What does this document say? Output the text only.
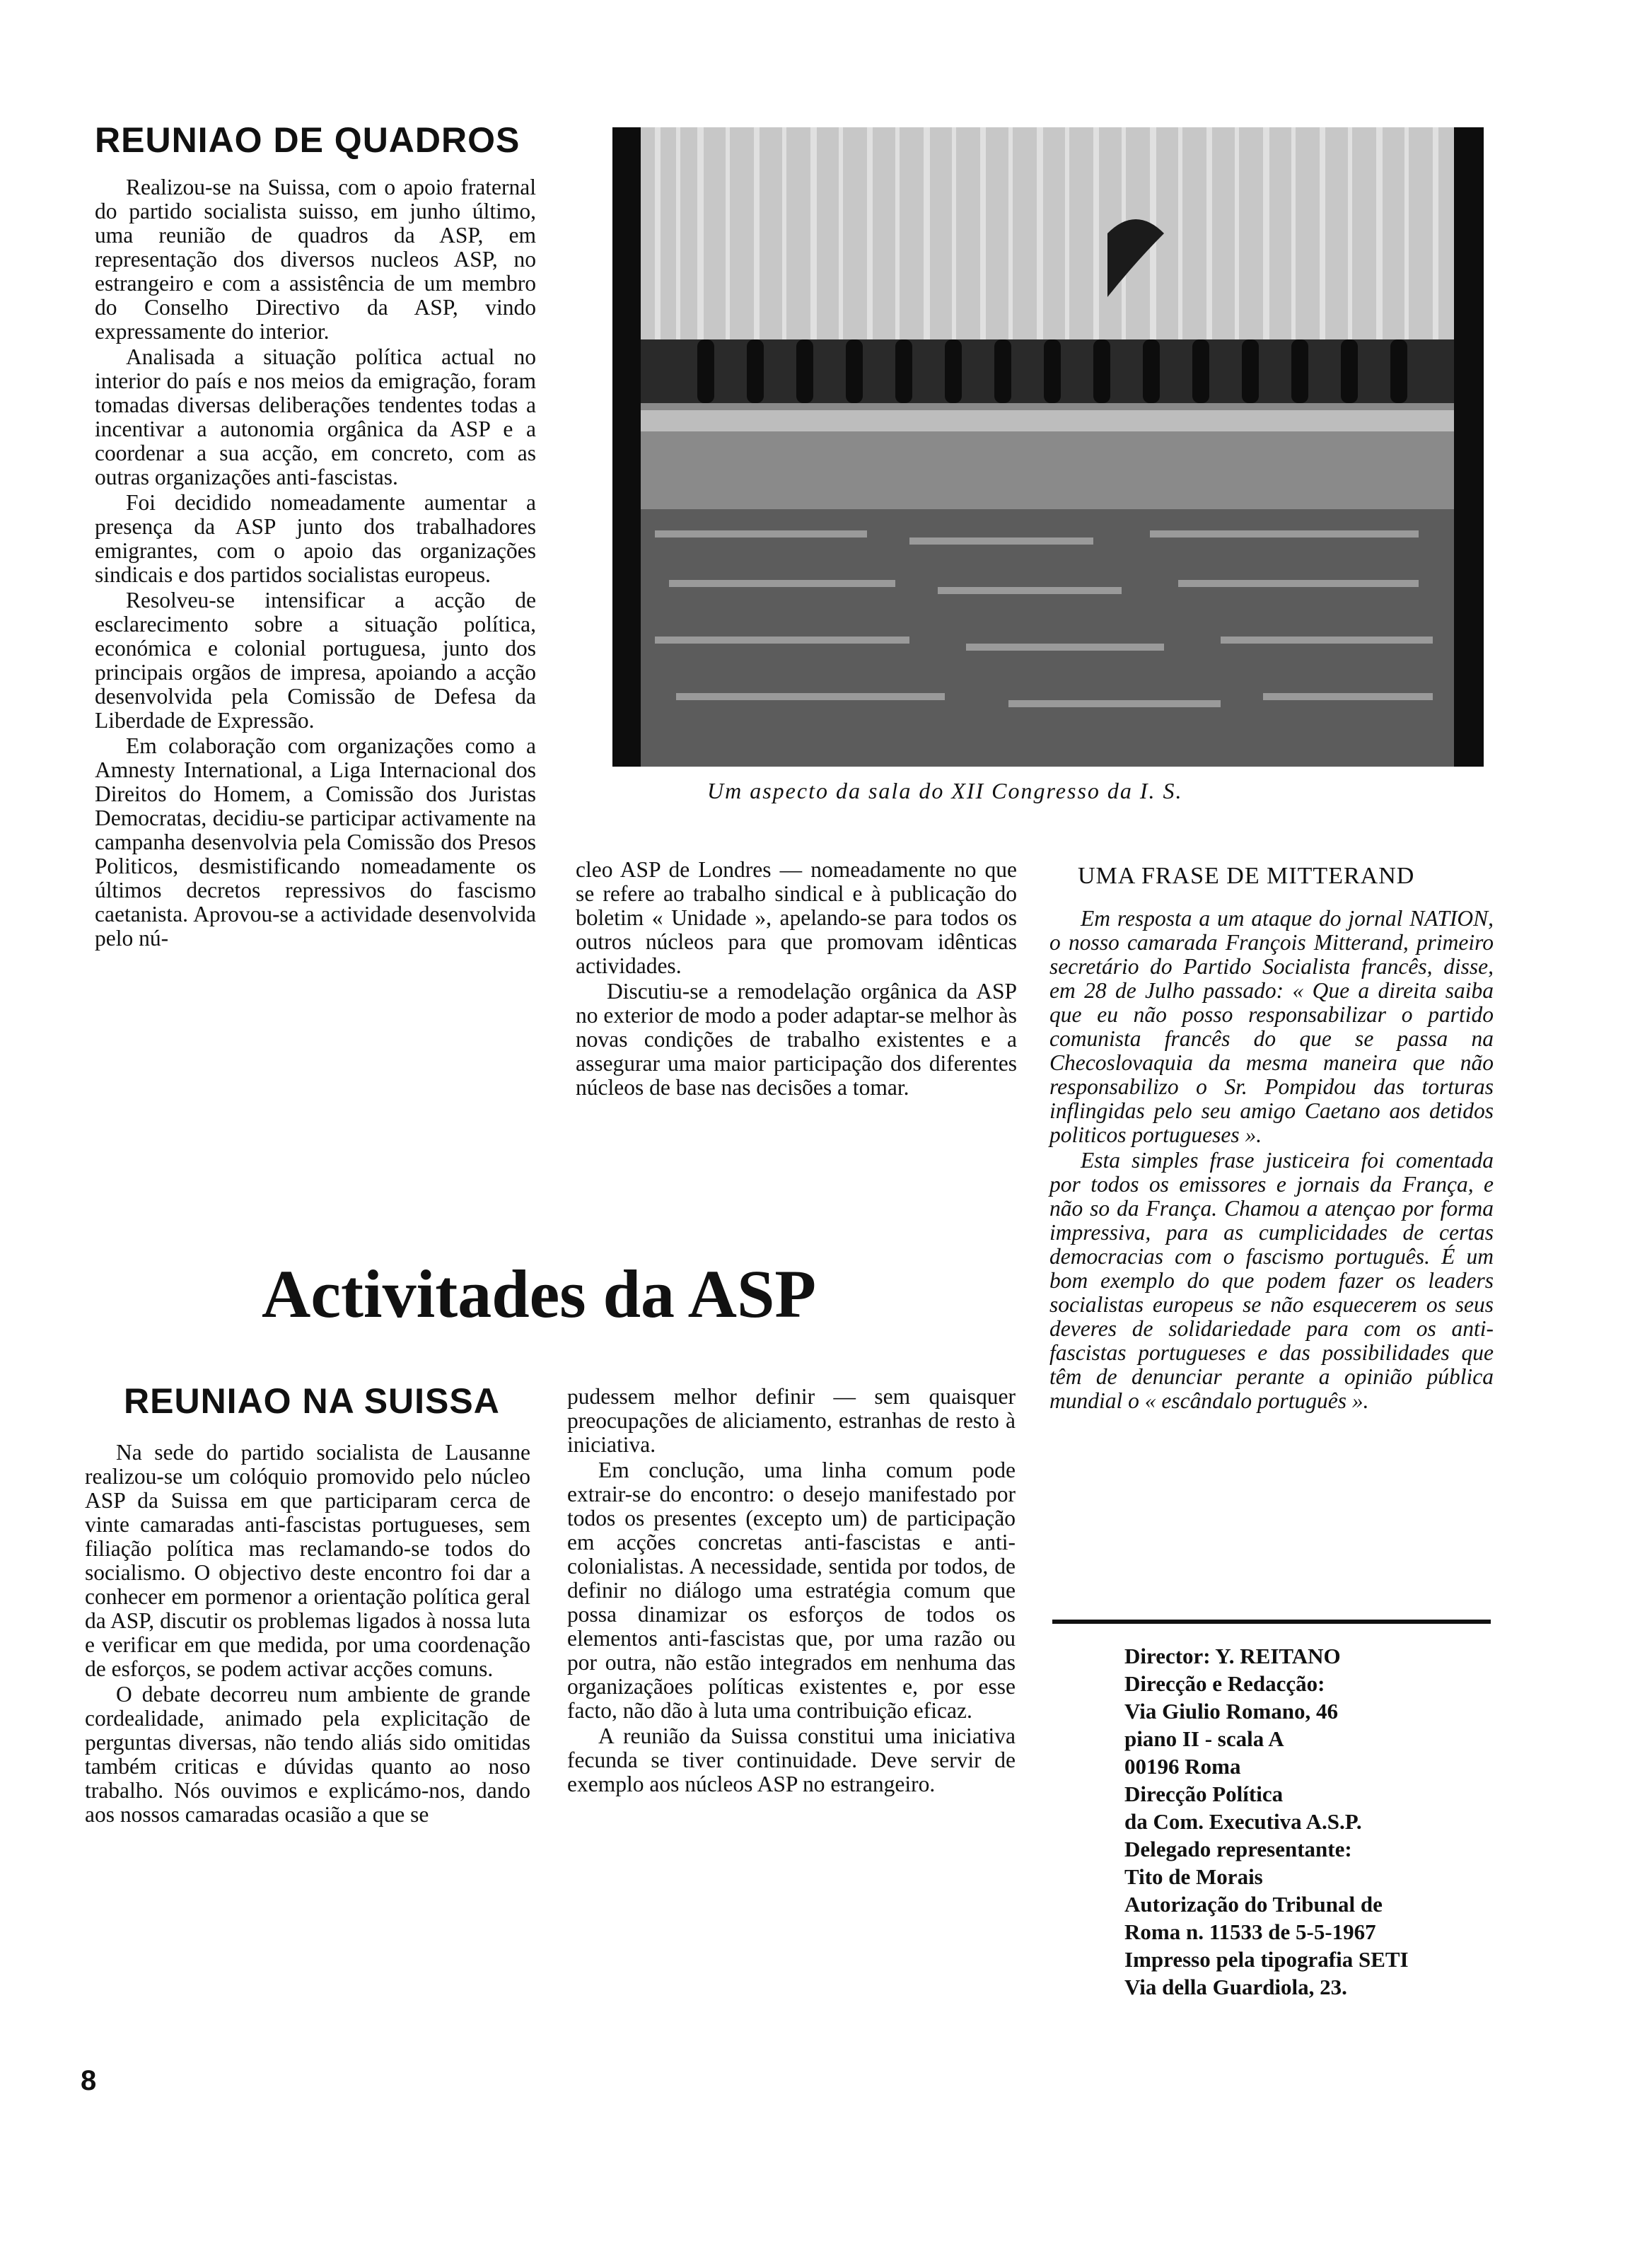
REUNIAO DE QUADROS

Realizou-se na Suissa, com o apoio fraternal do partido socialista suisso, em junho último, uma reunião de quadros da ASP, em representação dos diversos nucleos ASP, no estrangeiro e com a assistência de um membro do Conselho Directivo da ASP, vindo expressamente do interior.

Analisada a situação política actual no interior do país e nos meios da emigração, foram tomadas diversas deliberações tendentes todas a incentivar a autonomia orgânica da ASP e a coordenar a sua acção, em concreto, com as outras organizações anti-fascistas.

Foi decidido nomeadamente aumentar a presença da ASP junto dos trabalhadores emigrantes, com o apoio das organizações sindicais e dos partidos socialistas europeus.

Resolveu-se intensificar a acção de esclarecimento sobre a situação política, económica e colonial portuguesa, junto dos principais orgãos de impresa, apoiando a acção desenvolvida pela Comissão de Defesa da Liberdade de Expressão.

Em colaboração com organizações como a Amnesty International, a Liga Internacional dos Direitos do Homem, a Comissão dos Juristas Democratas, decidiu-se participar activamente na campanha desenvolvia pela Comissão dos Presos Politicos, desmistificando nomeadamente os últimos decretos repressivos do fascismo caetanista. Aprovou-se a actividade desenvolvida pelo nú-

Um aspecto da sala do XII Congresso da I. S.

cleo ASP de Londres — nomeadamente no que se refere ao trabalho sindical e à publicação do boletim « Unidade », apelando-se para todos os outros núcleos para que promovam idênticas actividades.

Discutiu-se a remodelação orgânica da ASP no exterior de modo a poder adaptar-se melhor às novas condições de trabalho existentes e a assegurar uma maior participação dos diferentes núcleos de base nas decisões a tomar.

UMA FRASE DE MITTERAND

Em resposta a um ataque do jornal NATION, o nosso camarada François Mitterand, primeiro secretário do Partido Socialista francês, disse, em 28 de Julho passado: « Que a direita saiba que eu não posso responsabilizar o partido comunista francês do que se passa na Checoslovaquia da mesma maneira que não responsabilizo o Sr. Pompidou das torturas inflingidas pelo seu amigo Caetano aos detidos politicos portugueses ».

Esta simples frase justiceira foi comentada por todos os emissores e jornais da França, e não so da França. Chamou a atençao por forma impressiva, para as cumplicidades de certas democracias com o fascismo português. É um bom exemplo do que podem fazer os leaders socialistas europeus se não esquecerem os seus deveres de solidariedade para com os anti-fascistas portugueses e das possibilidades que têm de denunciar perante a opinião pública mundial o « escândalo português ».

Activitades da ASP
REUNIAO NA SUISSA

Na sede do partido socialista de Lausanne realizou-se um colóquio promovido pelo núcleo ASP da Suissa em que participaram cerca de vinte camaradas anti-fascistas portugueses, sem filiação política mas reclamando-se todos do socialismo. O objectivo deste encontro foi dar a conhecer em pormenor a orientação política geral da ASP, discutir os problemas ligados à nossa luta e verificar em que medida, por uma coordenação de esforços, se podem activar acções comuns.

O debate decorreu num ambiente de grande cordealidade, animado pela explicitação de perguntas diversas, não tendo aliás sido omitidas também criticas e dúvidas quanto ao noso trabalho. Nós ouvimos e explicámo-nos, dando aos nossos camaradas ocasião a que se

pudessem melhor definir — sem quaisquer preocupações de aliciamento, estranhas de resto à iniciativa.

Em conclução, uma linha comum pode extrair-se do encontro: o desejo manifestado por todos os presentes (excepto um) de participação em acções concretas anti-fascistas e anti-colonialistas. A necessidade, sentida por todos, de definir no diálogo uma estratégia comum que possa dinamizar os esforços de todos os elementos anti-fascistas que, por uma razão ou por outra, não estão integrados em nenhuma das organizaçãoes políticas existentes e, por esse facto, não dão à luta uma contribuição eficaz.

A reunião da Suissa constitui uma iniciativa fecunda se tiver continuidade. Deve servir de exemplo aos núcleos ASP no estrangeiro.

Director: Y. REITANO

Direcção e Redacção:

Via Giulio Romano, 46

piano II - scala A

00196 Roma

Direcção Política

da Com. Executiva A.S.P.

Delegado representante:

Tito de Morais

Autorização do Tribunal de

Roma n. 11533 de 5-5-1967

Impresso pela tipografia SETI

Via della Guardiola, 23.

8
